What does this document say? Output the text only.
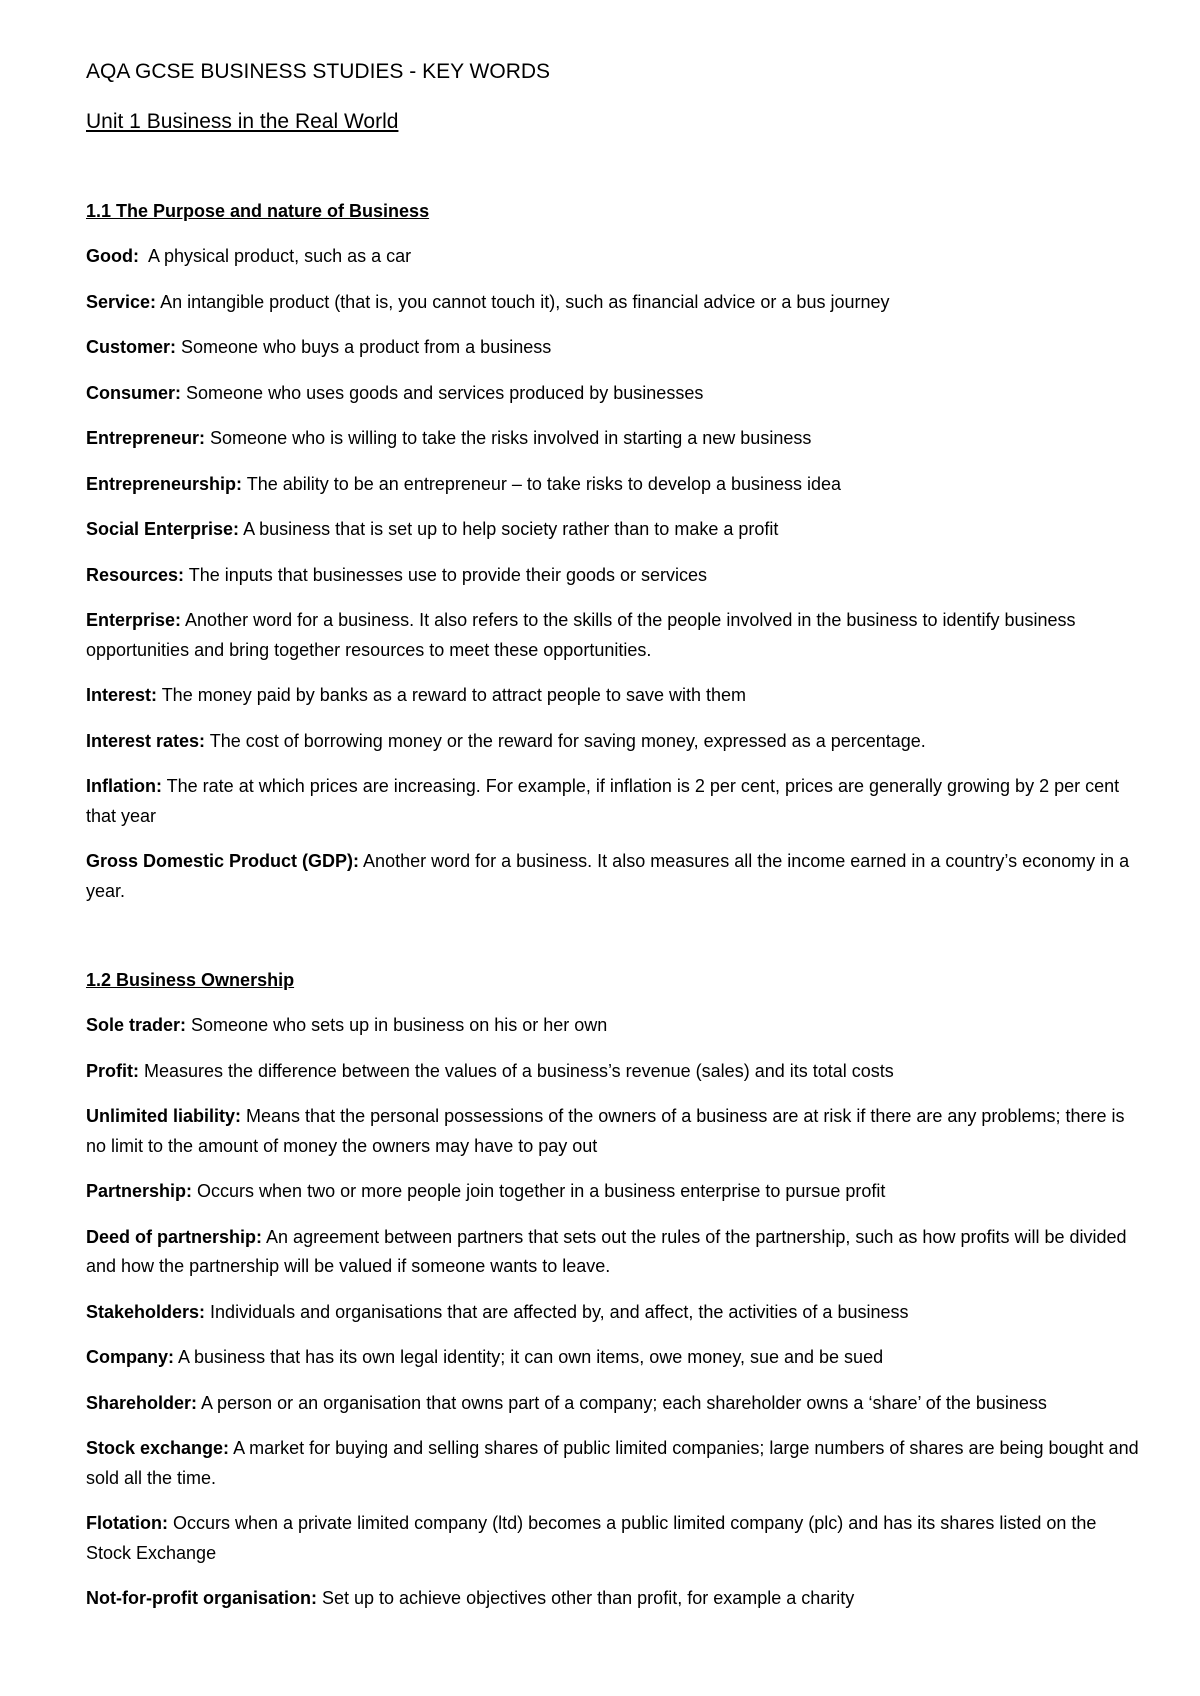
AQA GCSE BUSINESS STUDIES - KEY WORDS
Unit 1 Business in the Real World
1.1 The Purpose and nature of Business
Good:  A physical product, such as a car
Service: An intangible product (that is, you cannot touch it), such as financial advice or a bus journey
Customer: Someone who buys a product from a business
Consumer: Someone who uses goods and services produced by businesses
Entrepreneur: Someone who is willing to take the risks involved in starting a new business
Entrepreneurship: The ability to be an entrepreneur – to take risks to develop a business idea
Social Enterprise: A business that is set up to help society rather than to make a profit
Resources: The inputs that businesses use to provide their goods or services
Enterprise: Another word for a business. It also refers to the skills of the people involved in the business to identify business opportunities and bring together resources to meet these opportunities.
Interest: The money paid by banks as a reward to attract people to save with them
Interest rates: The cost of borrowing money or the reward for saving money, expressed as a percentage.
Inflation: The rate at which prices are increasing. For example, if inflation is 2 per cent, prices are generally growing by 2 per cent that year
Gross Domestic Product (GDP): Another word for a business. It also measures all the income earned in a country’s economy in a year.
1.2 Business Ownership
Sole trader: Someone who sets up in business on his or her own
Profit: Measures the difference between the values of a business’s revenue (sales) and its total costs
Unlimited liability: Means that the personal possessions of the owners of a business are at risk if there are any problems; there is no limit to the amount of money the owners may have to pay out
Partnership: Occurs when two or more people join together in a business enterprise to pursue profit
Deed of partnership: An agreement between partners that sets out the rules of the partnership, such as how profits will be divided and how the partnership will be valued if someone wants to leave.
Stakeholders: Individuals and organisations that are affected by, and affect, the activities of a business
Company: A business that has its own legal identity; it can own items, owe money, sue and be sued
Shareholder: A person or an organisation that owns part of a company; each shareholder owns a ‘share’ of the business
Stock exchange: A market for buying and selling shares of public limited companies; large numbers of shares are being bought and sold all the time.
Flotation: Occurs when a private limited company (ltd) becomes a public limited company (plc) and has its shares listed on the Stock Exchange
Not-for-profit organisation: Set up to achieve objectives other than profit, for example a charity
